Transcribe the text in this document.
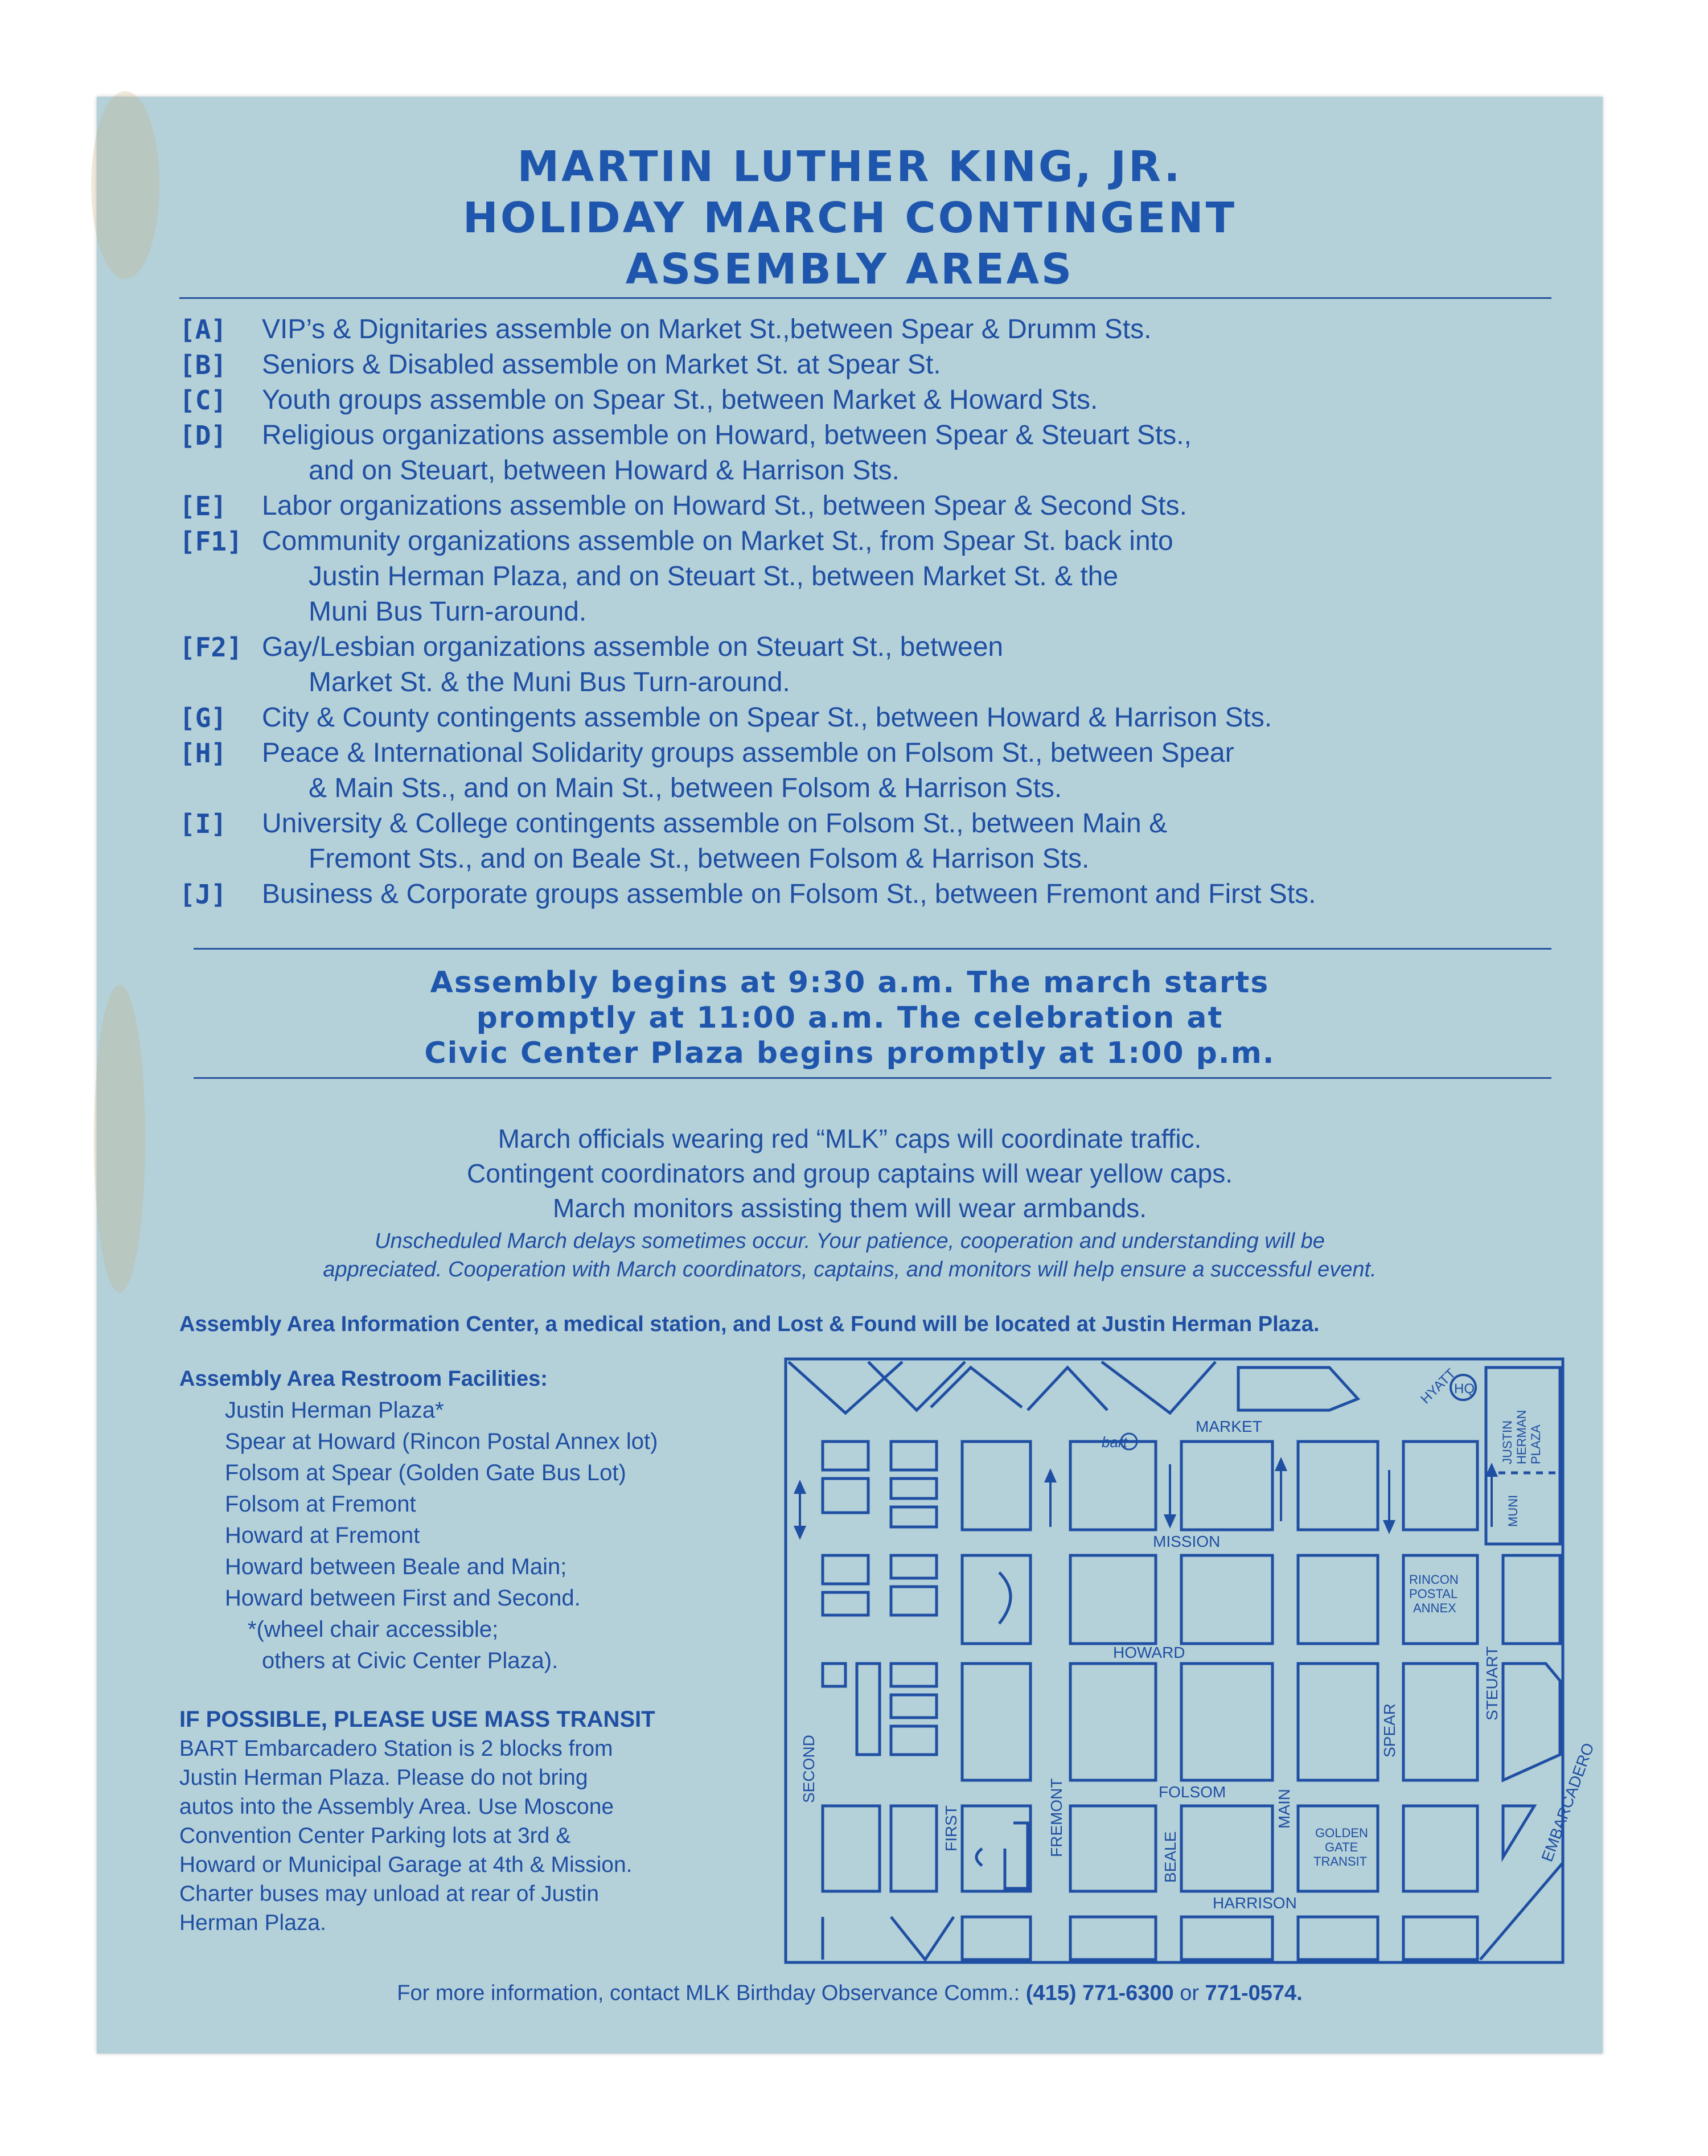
MARTIN LUTHER KING, JR.
HOLIDAY MARCH CONTINGENT
ASSEMBLY AREAS
[A] VIP’s & Dignitaries assemble on Market St.,between Spear & Drumm Sts.
[B] Seniors & Disabled assemble on Market St. at Spear St.
[C] Youth groups assemble on Spear St., between Market & Howard Sts.
[D] Religious organizations assemble on Howard, between Spear & Steuart Sts.,
and on Steuart, between Howard & Harrison Sts.
[E] Labor organizations assemble on Howard St., between Spear & Second Sts.
[F1] Community organizations assemble on Market St., from Spear St. back into
Justin Herman Plaza, and on Steuart St., between Market St. & the
Muni Bus Turn-around.
[F2] Gay/Lesbian organizations assemble on Steuart St., between
Market St. & the Muni Bus Turn-around.
[G] City & County contingents assemble on Spear St., between Howard & Harrison Sts.
[H] Peace & International Solidarity groups assemble on Folsom St., between Spear
& Main Sts., and on Main St., between Folsom & Harrison Sts.
[I] University & College contingents assemble on Folsom St., between Main &
Fremont Sts., and on Beale St., between Folsom & Harrison Sts.
[J] Business & Corporate groups assemble on Folsom St., between Fremont and First Sts.
Assembly begins at 9:30 a.m. The march starts
promptly at 11:00 a.m. The celebration at
Civic Center Plaza begins promptly at 1:00 p.m.
March officials wearing red “MLK” caps will coordinate traffic.
Contingent coordinators and group captains will wear yellow caps.
March monitors assisting them will wear armbands.
Unscheduled March delays sometimes occur. Your patience, cooperation and understanding will be
appreciated. Cooperation with March coordinators, captains, and monitors will help ensure a successful event.
Assembly Area Information Center, a medical station, and Lost & Found will be located at Justin Herman Plaza.
Assembly Area Restroom Facilities:
Justin Herman Plaza*
Spear at Howard (Rincon Postal Annex lot)
Folsom at Spear (Golden Gate Bus Lot)
Folsom at Fremont
Howard at Fremont
Howard between Beale and Main;
Howard between First and Second.
*(wheel chair accessible;
others at Civic Center Plaza).
IF POSSIBLE, PLEASE USE MASS TRANSIT
BART Embarcadero Station is 2 blocks from
Justin Herman Plaza. Please do not bring
autos into the Assembly Area. Use Moscone
Convention Center Parking lots at 3rd &
Howard or Municipal Garage at 4th & Mission.
Charter buses may unload at rear of Justin
Herman Plaza.
MARKET
MISSION
HOWARD
FOLSOM
HARRISON
SECOND
FIRST	FREMONT	BEALE
MAIN
SPEAR
STEUART
EMBARCADERO
bart
HYATT
HQ
JUSTIN HERMAN PLAZA
MUNI
RINCON
POSTAL
ANNEX
GOLDEN
GATE
TRANSIT
For more information, contact MLK Birthday Observance Comm.: (415) 771-6300 or 771-0574.
